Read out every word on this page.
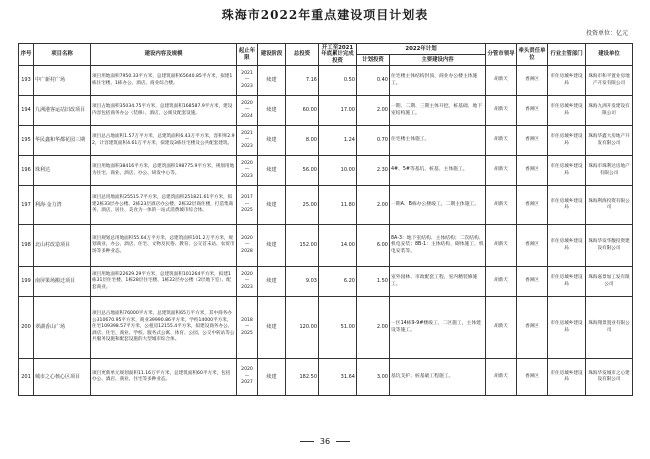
珠海市2022年重点建设项目计划表
投资单位：亿元
序号	项目名称	建设内容及规模	起止年限	建设阶段	总投资	开工至2021年底累计完成投资	2022年计划		分管市领导	牵头责任单位	行业主管部门	建设单位
							计划投资	主要建设内容				
193	中广新村广场	项目用地面积7950.33平方米，总建筑面积65640.85平方米，拟建1栋住宅楼、1栋办公、酒店、商业综合楼。	2021
—
2023	续建	7.16	0.50	0.40	住宅楼主体结构封顶、商业办公楼主体施工。	胡新天	香洲区	市住房城乡建设局	珠海市和平置业房地产开发有限公司
194	九洲港客运站旧改项目	项目占地面积35034.75平方米，总建筑面积168587.9平方米，建设内容包括商务办公（装修）、酒店、公寓及配套设施。	2020
—
2024	续建	60.00	17.00	2.00	一期、二期、三期主体开挖，桩基础、地下室结构施工。	胡新天	香洲区	市住房城乡建设局	珠海九洲开发建设有限公司
195	华民鑫和华都花园三期	项目总占地面积1.57万平方米，总建筑面积6.43万平方米，容积率2.92，计容建筑面积4.61万平方米，拟建设3栋住宅楼及公共配套建筑。	2021
—
2023	续建	8.00	1.24	0.70	住宅楼主体施工。	胡新天	香洲区	市住房城乡建设局	珠海华鑫大房地产开发有限公司
196	珠利达	项目用地面积38416平方米，总建筑面积198775.9平方米，规划用地为住宅、商业、酒店、办公、研发中心等。	2020
—
2023	续建	56.00	10.00	2.30	4#、5#等基坑、桩基、主体施工。	胡新天	香洲区	市住房城乡建设局	珠海市珠利达房地产有限公司
197	利海·金力湾	项目总用地面积25515.7平方米，总建筑面积251821.61平方米，拟建2栋33层办公楼、2栋23层酒店办公楼、2栋32层商住楼，打造集商务、酒店、居住、美食为一体的一站式消费城市综合体。	2017
—
2025	续建	25.00	11.80	2.00	一期A、B栋办公楼竣工，二期主体施工。	胡新天	香洲区	市住房城乡建设局	珠海利海投资有限公司
198	北山村改造项目	项目规划总用地面积55.64万平方米，总建筑面积101.2万平方米，规划商业、办公、酒店、住宅、文物及民俗、教育、公交首末站、农贸市场等多种业态。	2020
—
2028	续建	152.00	14.00	6.00	8A-3：地下室结构、主体结构；二次结构、机电安装；8B-1：主体结构、砌体施工、机电安装等。	胡新天	香洲区	市住房城乡建设局	珠海华发华馥投资建设有限公司
199	南屏果场搬迁项目	项目用地面积22629.29平方米，总建筑面积101264平方米，拟建1栋31层住宅楼、1栋28层住宅楼、1栋22层办公楼（2层地下室）、配套商业。	2020
—
2023	续建	9.03	6.20	1.50	室外园林、市政配套工程，室内精装修施工。	胡新天	香洲区	市住房城乡建设局	珠海嘉景加工发有限公司
200	翠湖香山广场	项目总占地面积76000平方米，总建筑面积65万平方米，其中商务办公310670.95平方米，商业39990.86平方米，学校14000平方米，住宅109398.57平方米，公租房12155.4平方米，拟建设商务办公、酒店、住宅、商业、学校、服务式公寓、体育、公园、公交中转站等公共服务设施和配套设施的大型城市综合体。	2018
—
2025	续建	120.00	51.00	2.00	一区14栋9-9#楼竣工、二区施工，主体建设等施工。	胡新天	香洲区	市住房城乡建设局	珠海翔景置业有限公司
201	城市之心核心区项目	项目更新单元规划面积11.16万平方米，总建筑面积60平方米，包括办公、酒店、商业、住宅等多种业态。	2020
—
2027	续建	182.50	31.64	3.00	基坑支护、桩基础工程施工。	胡新天	香洲区	市住房城乡建设局	珠海华发城市之心建设有限公司
36
